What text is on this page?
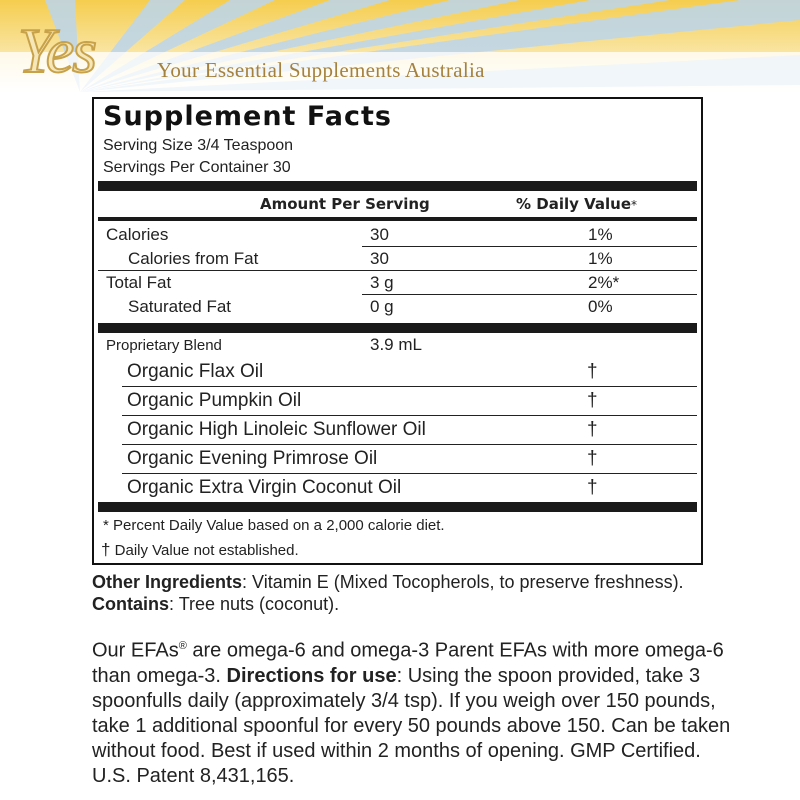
Yes	Your Essential Supplements Australia
Supplement Facts
Serving Size 3/4 Teaspoon
Servings Per Container 30
Amount Per Serving	% Daily Value*
Calories	30	1%
Calories from Fat	30	1%
Total Fat	3 g	2%*
Saturated Fat	0 g	0%
Proprietary Blend	3.9 mL
Organic Flax Oil	†
Organic Pumpkin Oil	†
Organic High Linoleic Sunflower Oil	†
Organic Evening Primrose Oil	†
Organic Extra Virgin Coconut Oil	†
* Percent Daily Value based on a 2,000 calorie diet.
† Daily Value not established.
Other Ingredients: Vitamin E (Mixed Tocopherols, to preserve freshness). Contains: Tree nuts (coconut).
Our EFAs® are omega-6 and omega-3 Parent EFAs with more omega-6 than omega-3. Directions for use: Using the spoon provided, take 3 spoonfulls daily (approximately 3/4 tsp). If you weigh over 150 pounds, take 1 additional spoonful for every 50 pounds above 150. Can be taken without food. Best if used within 2 months of opening. GMP Certified. U.S. Patent 8,431,165.
